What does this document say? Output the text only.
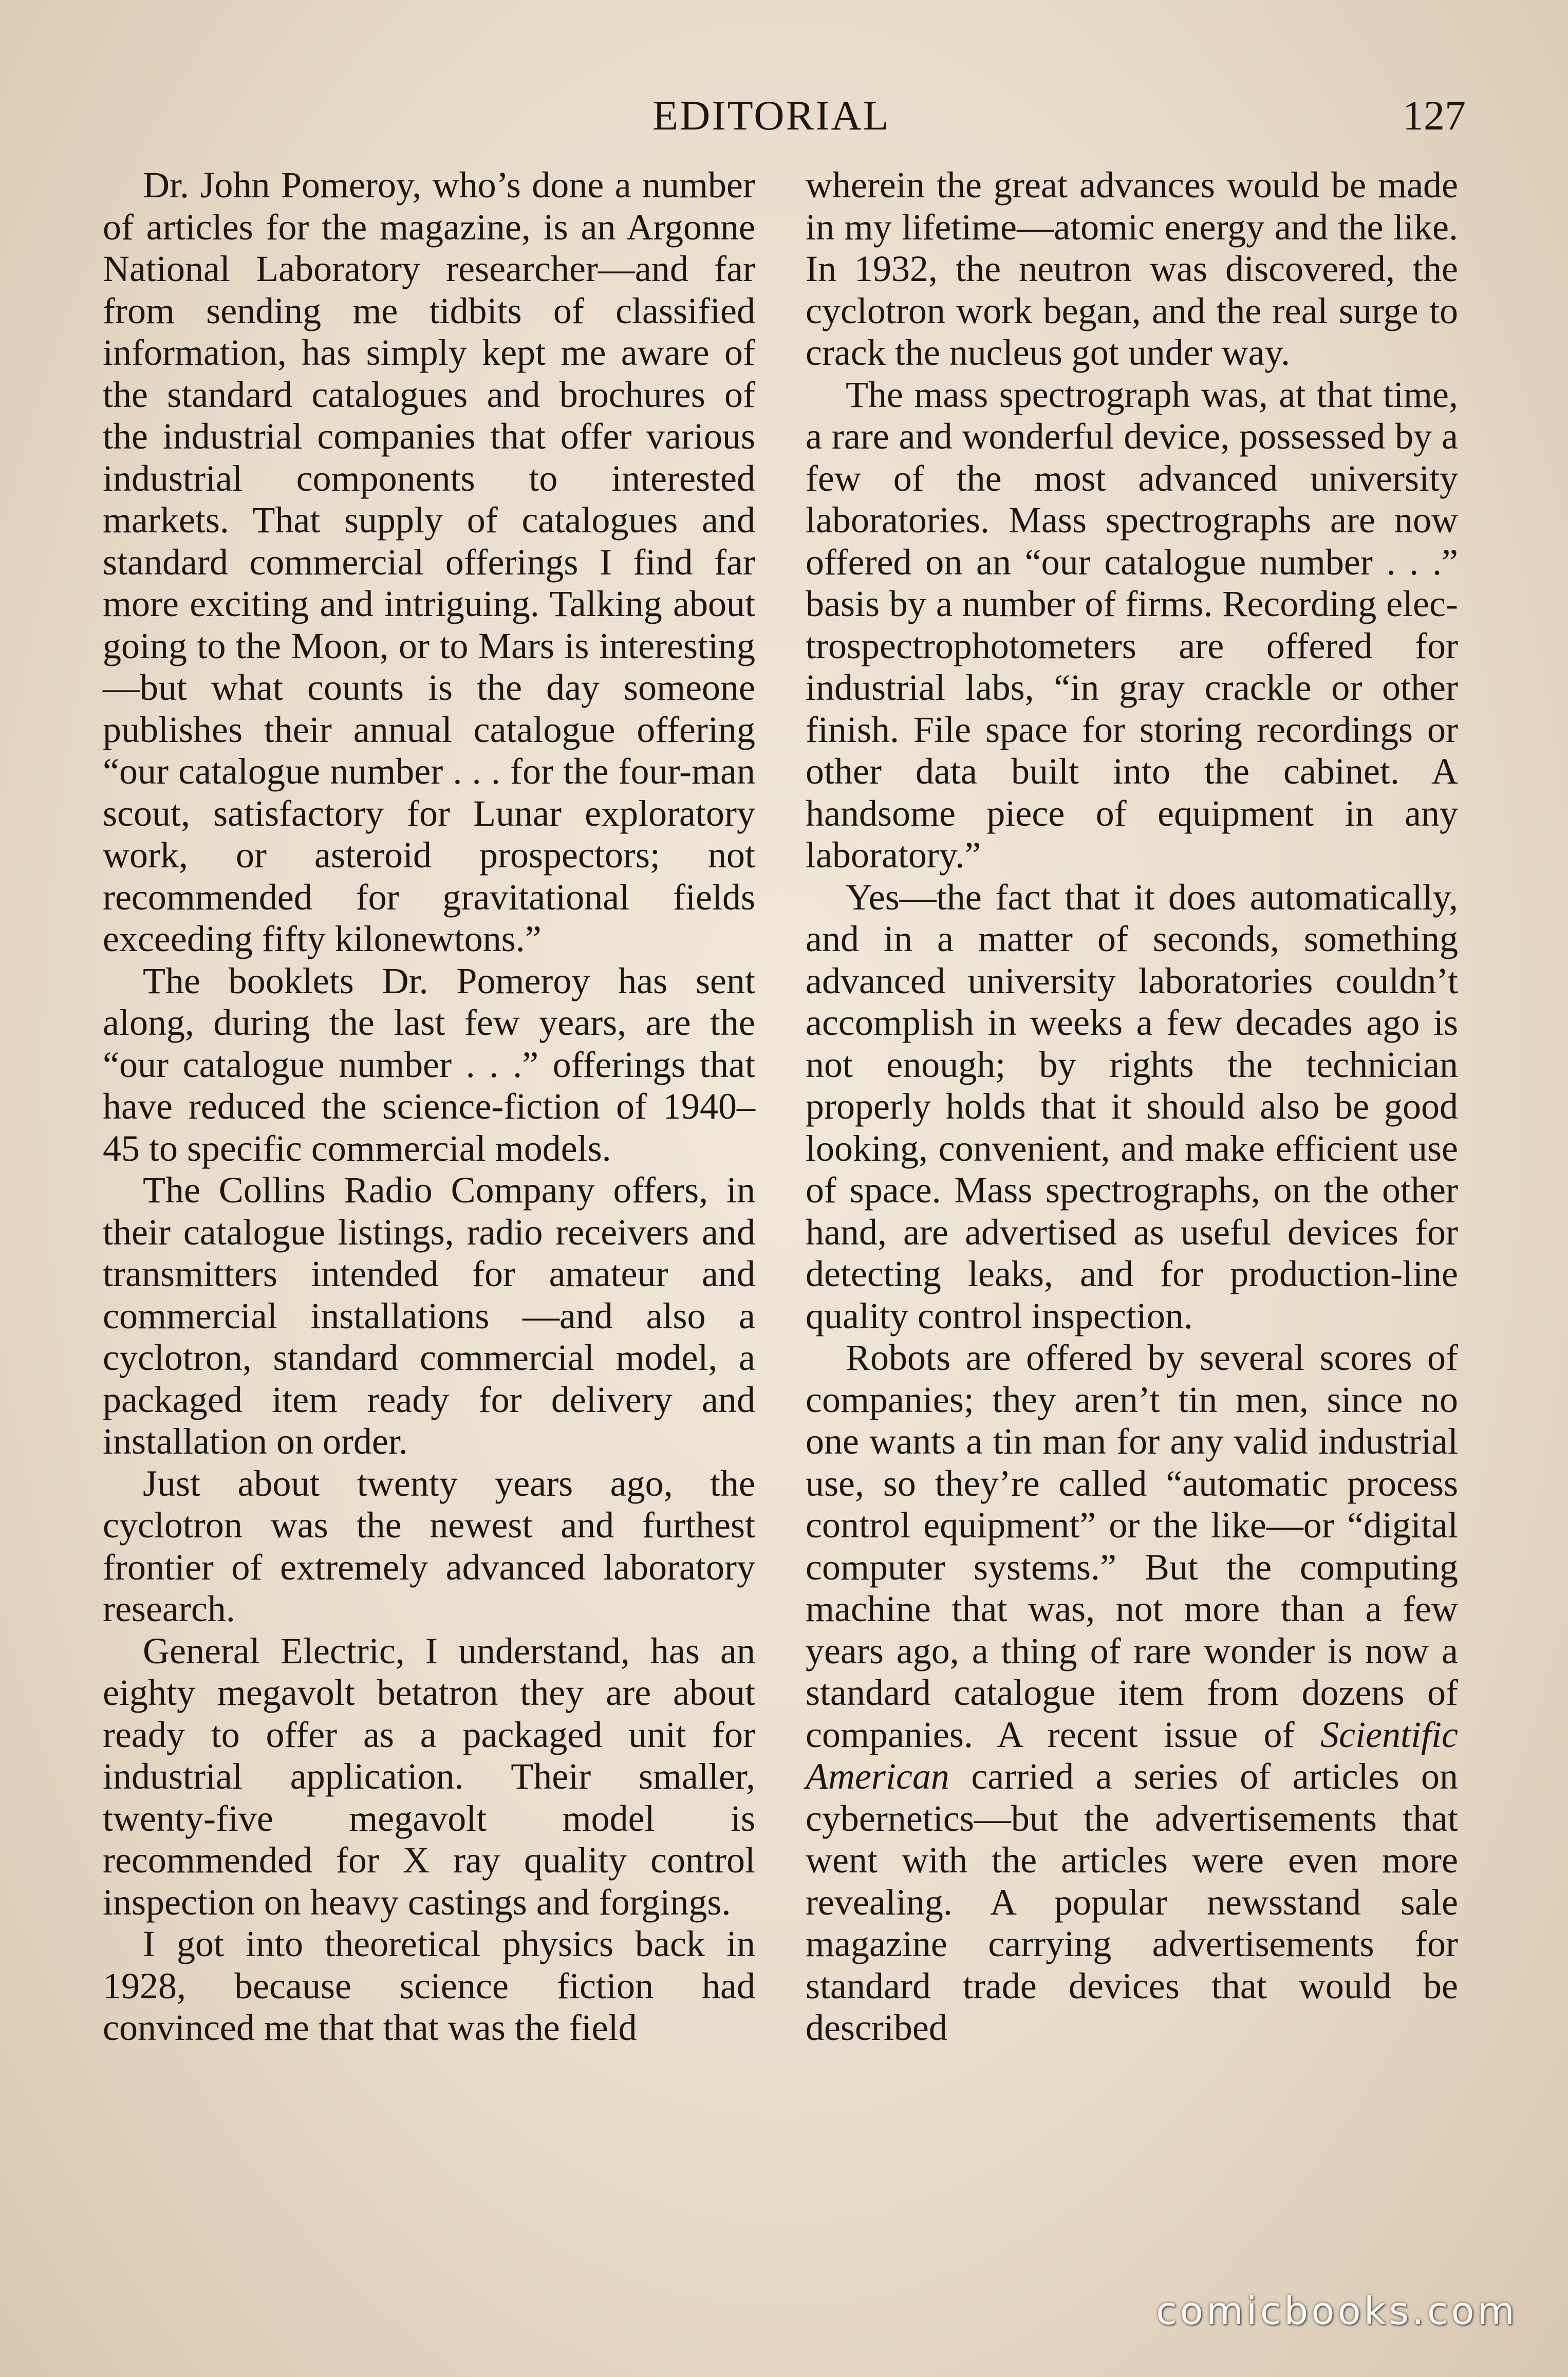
EDITORIAL	127

Dr. John Pomeroy, who’s done a number of articles for the magazine, is an Argonne National Laboratory researcher—and far from sending me tidbits of classified information, has simply kept me aware of the standard catalogues and brochures of the industrial companies that offer various industrial components to interested markets. That supply of catalogues and standard commercial offerings I find far more exciting and intriguing. Talking about going to the Moon, or to Mars is interesting—but what counts is the day someone publishes their annual catalogue offering “our catalogue number . . . for the four-man scout, satisfactory for Lunar exploratory work, or asteroid prospectors; not recommended for gravitational fields exceeding fifty kilonewtons.”

The booklets Dr. Pomeroy has sent along, during the last few years, are the “our catalogue number . . .” offerings that have reduced the science-fiction of 1940–45 to specific commercial models.

The Collins Radio Company offers, in their catalogue listings, radio receivers and transmitters intended for amateur and commercial installations —and also a cyclotron, standard commercial model, a packaged item ready for delivery and installation on order.

Just about twenty years ago, the cyclotron was the newest and furthest frontier of extremely advanced laboratory research.

General Electric, I understand, has an eighty megavolt betatron they are about ready to offer as a packaged unit for industrial application. Their smaller, twenty-five megavolt model is recommended for X ray quality control inspection on heavy castings and forgings.

I got into theoretical physics back in 1928, because science fiction had convinced me that that was the field

wherein the great advances would be made in my lifetime—atomic energy and the like. In 1932, the neutron was discovered, the cyclotron work began, and the real surge to crack the nucleus got under way.

The mass spectrograph was, at that time, a rare and wonderful device, possessed by a few of the most advanced university laboratories. Mass spectrographs are now offered on an “our catalogue number . . .” basis by a number of firms. Recording electrospectrophotometers are offered for industrial labs, “in gray crackle or other finish. File space for storing recordings or other data built into the cabinet. A handsome piece of equipment in any laboratory.”

Yes—the fact that it does automatically, and in a matter of seconds, something advanced university laboratories couldn’t accomplish in weeks a few decades ago is not enough; by rights the technician properly holds that it should also be good looking, convenient, and make efficient use of space. Mass spectrographs, on the other hand, are advertised as useful devices for detecting leaks, and for production-line quality control inspection.

Robots are offered by several scores of companies; they aren’t tin men, since no one wants a tin man for any valid industrial use, so they’re called “automatic process control equipment” or the like—or “digital computer systems.” But the computing machine that was, not more than a few years ago, a thing of rare wonder is now a standard catalogue item from dozens of companies. A recent issue of Scientific American carried a series of articles on cybernetics—but the advertisements that went with the articles were even more revealing. A popular newsstand sale magazine carrying advertisements for standard trade devices that would be described

comicbooks.com
